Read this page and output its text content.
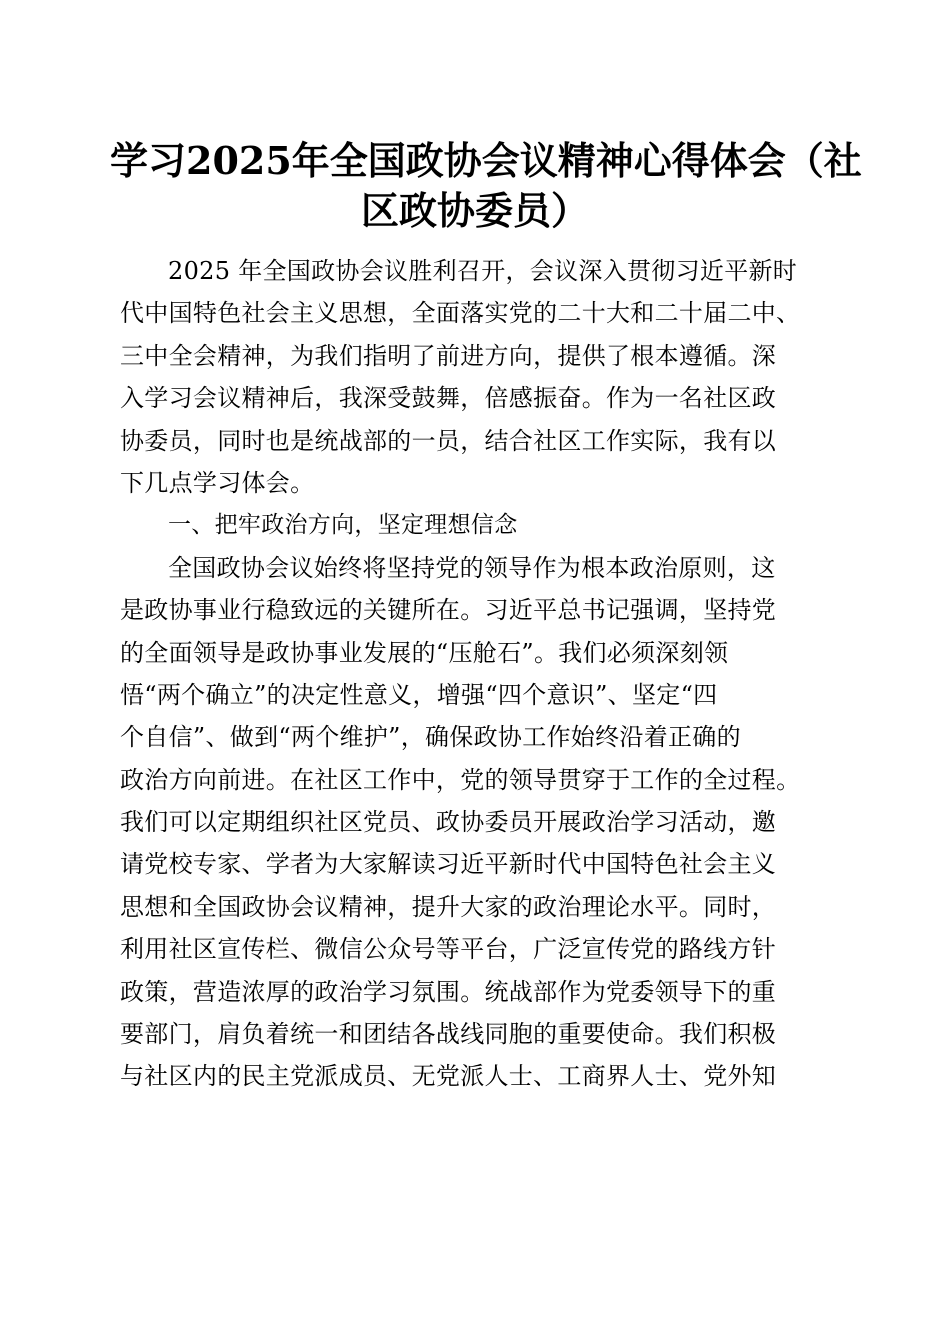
学习2025年全国政协会议精神心得体会（社
区政协委员）
2025 年全国政协会议胜利召开，会议深入贯彻习近平新时
代中国特色社会主义思想，全面落实党的二十大和二十届二中、
三中全会精神，为我们指明了前进方向，提供了根本遵循。深
入学习会议精神后，我深受鼓舞，倍感振奋。作为一名社区政
协委员，同时也是统战部的一员，结合社区工作实际，我有以
下几点学习体会。
一、把牢政治方向，坚定理想信念
全国政协会议始终将坚持党的领导作为根本政治原则，这
是政协事业行稳致远的关键所在。习近平总书记强调，坚持党
的全面领导是政协事业发展的“压舱石”。我们必须深刻领
悟“两个确立”的决定性意义，增强“四个意识”、坚定“四
个自信”、做到“两个维护”，确保政协工作始终沿着正确的
政治方向前进。在社区工作中，党的领导贯穿于工作的全过程。
我们可以定期组织社区党员、政协委员开展政治学习活动，邀
请党校专家、学者为大家解读习近平新时代中国特色社会主义
思想和全国政协会议精神，提升大家的政治理论水平。同时，
利用社区宣传栏、微信公众号等平台，广泛宣传党的路线方针
政策，营造浓厚的政治学习氛围。统战部作为党委领导下的重
要部门，肩负着统一和团结各战线同胞的重要使命。我们积极
与社区内的民主党派成员、无党派人士、工商界人士、党外知
